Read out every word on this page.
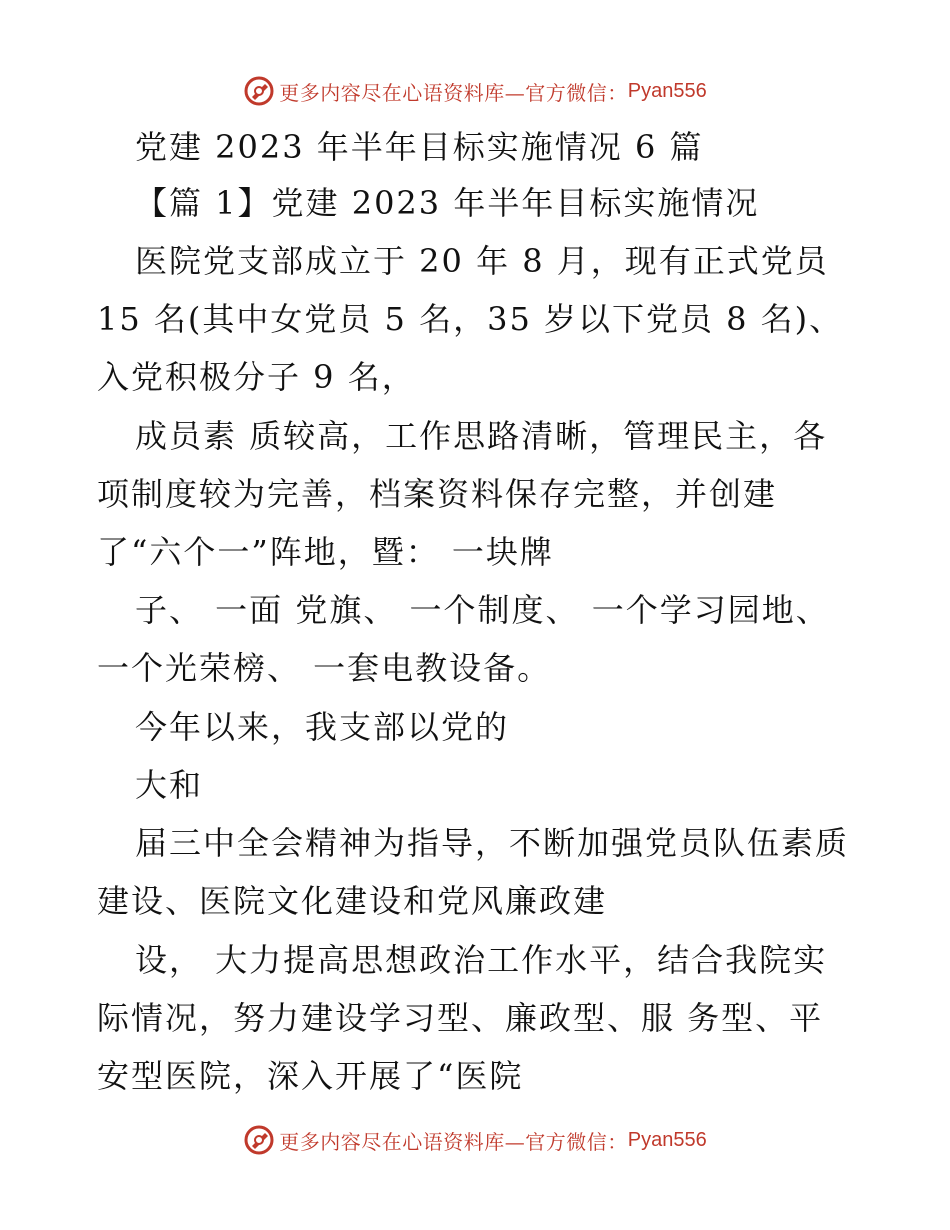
更多内容尽在心语资料库—官方微信： Pyan556
党建 2023 年半年目标实施情况 6 篇
【篇 1】党建 2023 年半年目标实施情况
医院党支部成立于 20 年 8 月，现有正式党员
15 名(其中女党员 5 名，35 岁以下党员 8 名)、
入党积极分子 9 名，
成员素 质较高，工作思路清晰，管理民主，各
项制度较为完善，档案资料保存完整，并创建
了“六个一”阵地，暨： 一块牌
子、 一面 党旗、 一个制度、 一个学习园地、
一个光荣榜、 一套电教设备。
今年以来，我支部以党的
大和
届三中全会精神为指导，不断加强党员队伍素质
建设、医院文化建设和党风廉政建
设， 大力提高思想政治工作水平，结合我院实
际情况，努力建设学习型、廉政型、服 务型、平
安型医院，深入开展了“医院
更多内容尽在心语资料库—官方微信： Pyan556
